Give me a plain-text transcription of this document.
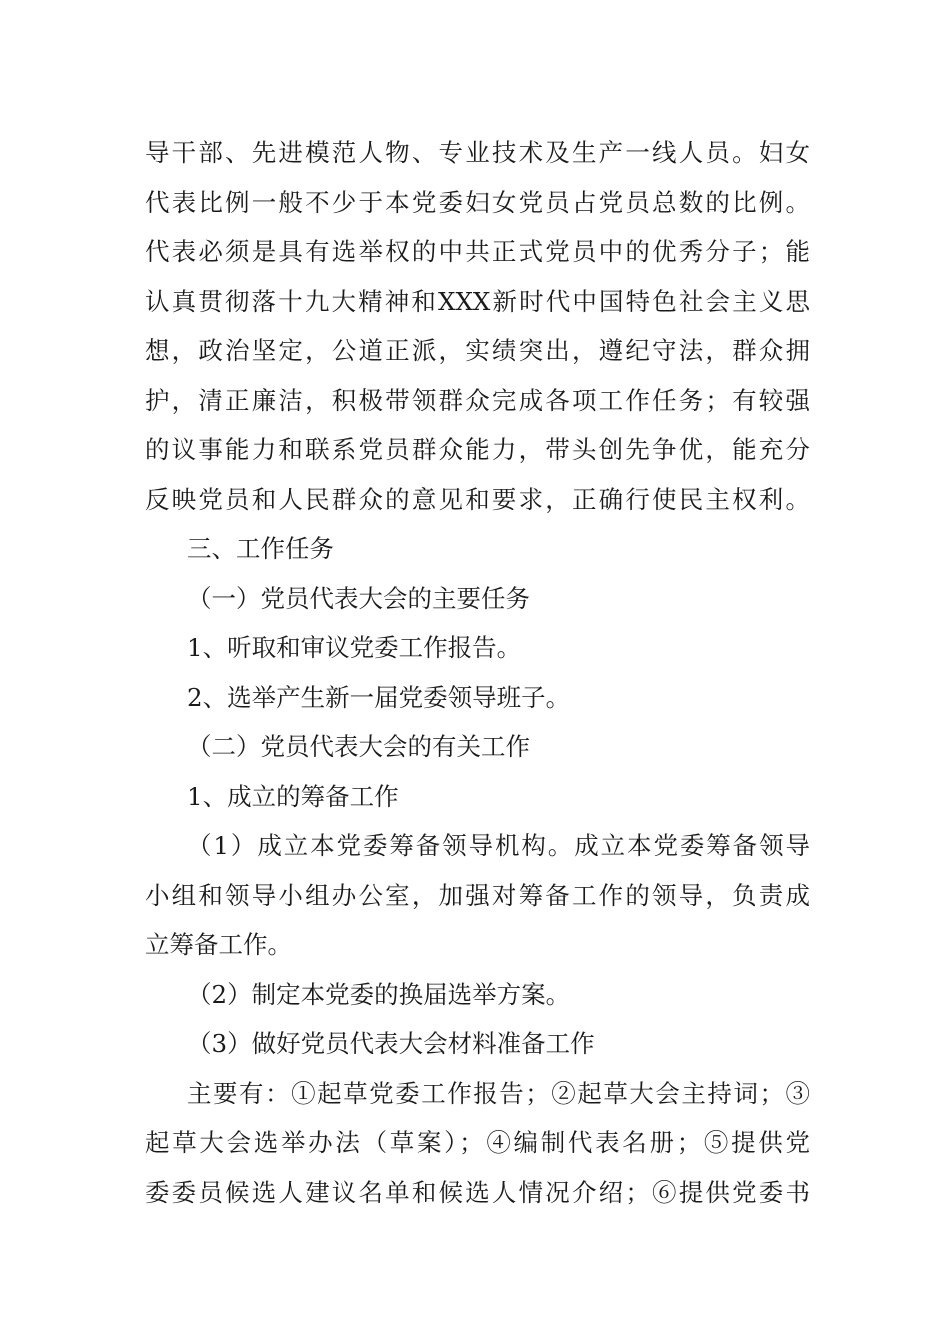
导干部、先进模范人物、专业技术及生产一线人员。妇女
代表比例一般不少于本党委妇女党员占党员总数的比例。
代表必须是具有选举权的中共正式党员中的优秀分子；能
认真贯彻落十九大精神和XXX新时代中国特色社会主义思
想，政治坚定，公道正派，实绩突出，遵纪守法，群众拥
护，清正廉洁，积极带领群众完成各项工作任务；有较强
的议事能力和联系党员群众能力，带头创先争优，能充分
反映党员和人民群众的意见和要求，正确行使民主权利。
三、工作任务
（一）党员代表大会的主要任务
1、听取和审议党委工作报告。
2、选举产生新一届党委领导班子。
（二）党员代表大会的有关工作
1、成立的筹备工作
（1）成立本党委筹备领导机构。成立本党委筹备领导
小组和领导小组办公室，加强对筹备工作的领导，负责成
立筹备工作。
（2）制定本党委的换届选举方案。
（3）做好党员代表大会材料准备工作
主要有：①起草党委工作报告；②起草大会主持词；③
起草大会选举办法（草案）；④编制代表名册；⑤提供党
委委员候选人建议名单和候选人情况介绍；⑥提供党委书
